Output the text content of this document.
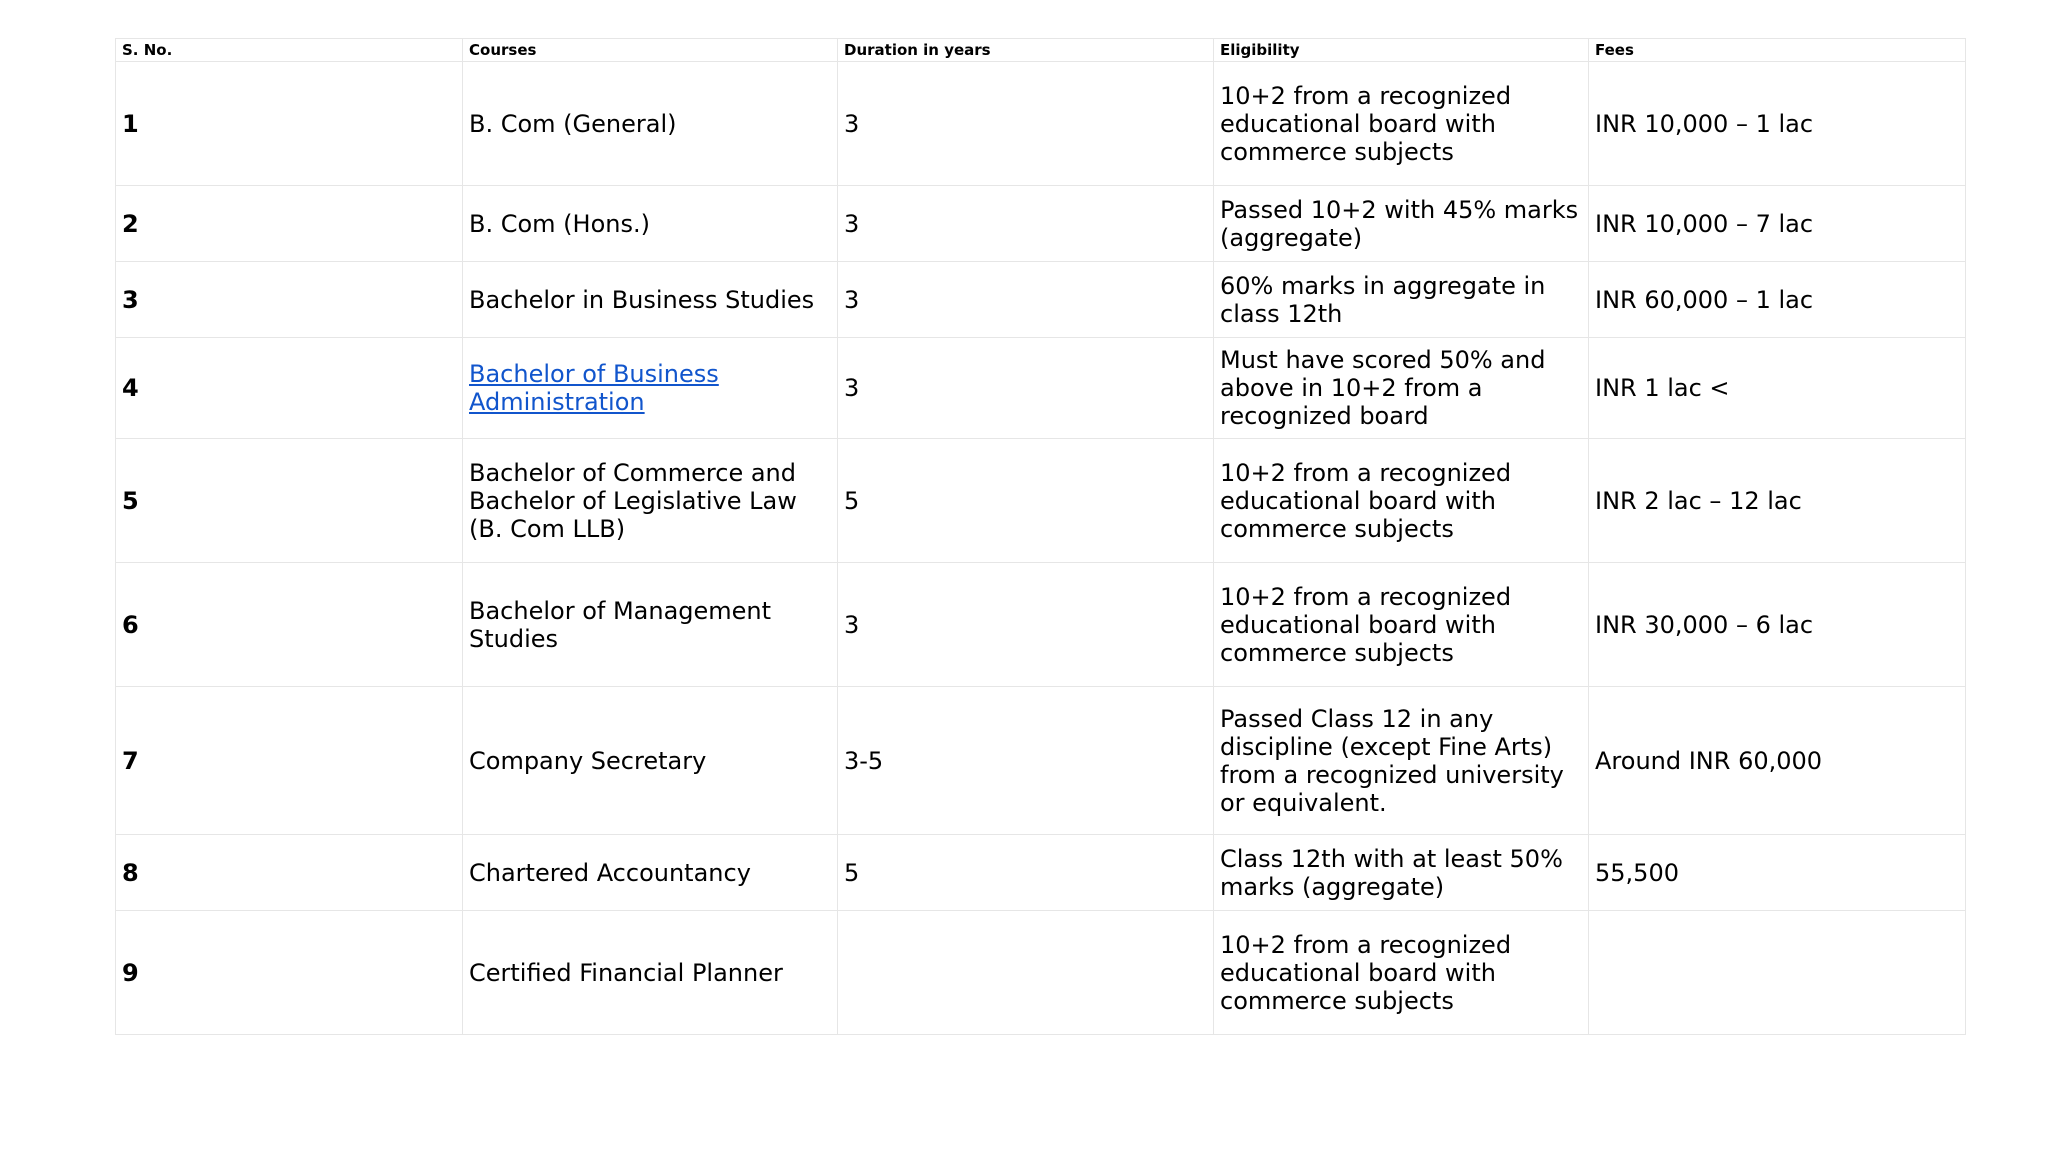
S. No.	Courses	Duration in years	Eligibility	Fees
1	B. Com (General)	3	10+2 from a recognized educational board with commerce subjects	INR 10,000 – 1 lac
2	B. Com (Hons.)	3	Passed 10+2 with 45% marks (aggregate)	INR 10,000 – 7 lac
3	Bachelor in Business Studies	3	60% marks in aggregate in class 12th	INR 60,000 – 1 lac
4	Bachelor of Business Administration	3	Must have scored 50% and above in 10+2 from a recognized board	INR 1 lac <
5	Bachelor of Commerce and Bachelor of Legislative Law (B. Com LLB)	5	10+2 from a recognized educational board with commerce subjects	INR 2 lac – 12 lac
6	Bachelor of Management Studies	3	10+2 from a recognized educational board with commerce subjects	INR 30,000 – 6 lac
7	Company Secretary	3-5	Passed Class 12 in any discipline (except Fine Arts) from a recognized university or equivalent.	Around INR 60,000
8	Chartered Accountancy	5	Class 12th with at least 50% marks (aggregate)	55,500
9	Certified Financial Planner		10+2 from a recognized educational board with commerce subjects	
